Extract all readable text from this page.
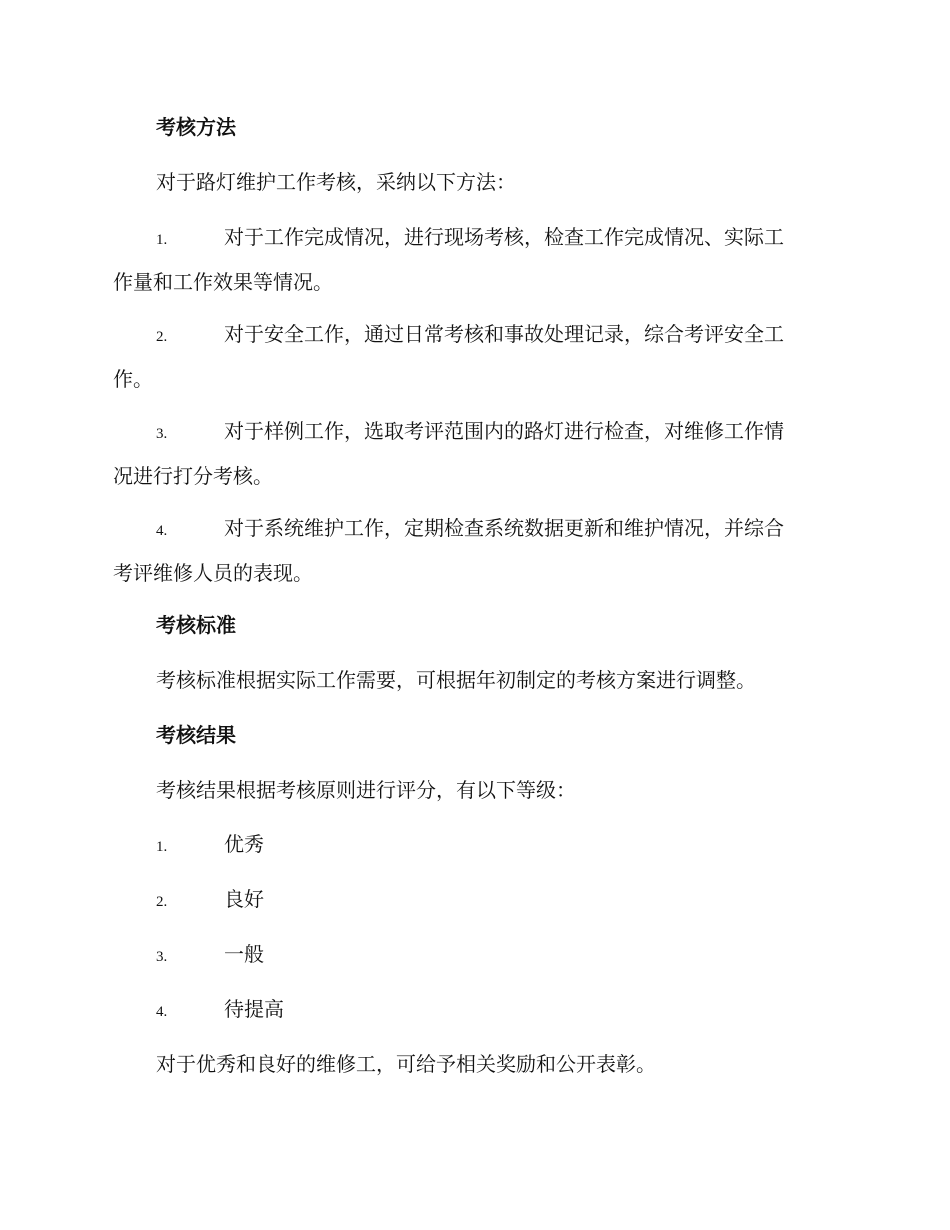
考核方法
对于路灯维护工作考核，采纳以下方法：
1.	对于工作完成情况，进行现场考核，检查工作完成情况、实际工
作量和工作效果等情况。
2.	对于安全工作，通过日常考核和事故处理记录，综合考评安全工
作。
3.	对于样例工作，选取考评范围内的路灯进行检查，对维修工作情
况进行打分考核。
4.	对于系统维护工作，定期检查系统数据更新和维护情况，并综合
考评维修人员的表现。
考核标准
考核标准根据实际工作需要，可根据年初制定的考核方案进行调整。
考核结果
考核结果根据考核原则进行评分，有以下等级：
1.	优秀
2.	良好
3.	一般
4.	待提高
对于优秀和良好的维修工，可给予相关奖励和公开表彰。
